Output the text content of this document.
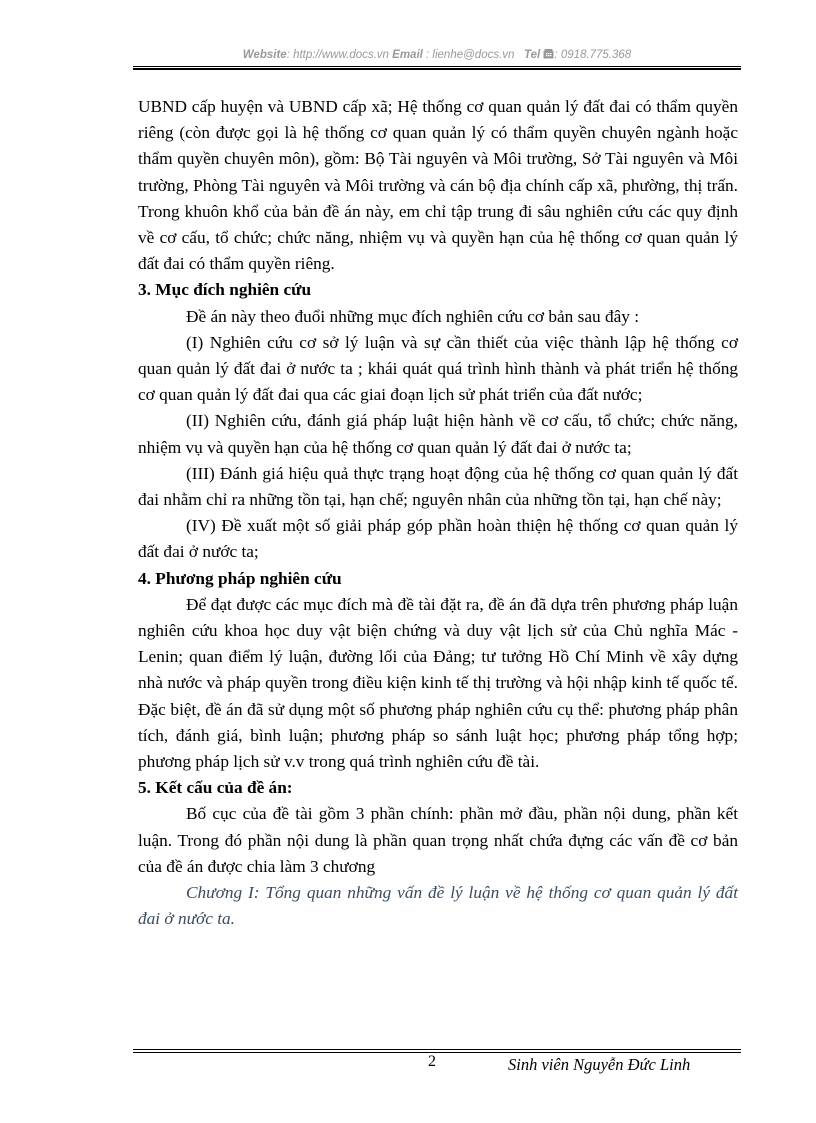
Website: http://www.docs.vn Email : lienhe@docs.vn Tel : 0918.775.368

UBND cấp huyện và UBND cấp xã; Hệ thống cơ quan quản lý đất đai có thẩm quyền riêng (còn được gọi là hệ thống cơ quan quản lý có thẩm quyền chuyên ngành hoặc thẩm quyền chuyên môn), gồm: Bộ Tài nguyên và Môi trường, Sở Tài nguyên và Môi trường, Phòng Tài nguyên và Môi trường và cán bộ địa chính cấp xã, phường, thị trấn. Trong khuôn khổ của bản đề án này, em chỉ tập trung đi sâu nghiên cứu các quy định về cơ cấu, tổ chức; chức năng, nhiệm vụ và quyền hạn của hệ thống cơ quan quản lý đất đai có thẩm quyền riêng.

3. Mục đích nghiên cứu

Đề án này theo đuổi những mục đích nghiên cứu cơ bản sau đây :

(I) Nghiên cứu cơ sở lý luận và sự cần thiết của việc thành lập hệ thống cơ quan quản lý đất đai ở nước ta ; khái quát quá trình hình thành và phát triển hệ thống cơ quan quản lý đất đai qua các giai đoạn lịch sử phát triển của đất nước;

(II) Nghiên cứu, đánh giá pháp luật hiện hành về cơ cấu, tổ chức; chức năng, nhiệm vụ và quyền hạn của hệ thống cơ quan quản lý đất đai ở nước ta;

(III) Đánh giá hiệu quả thực trạng hoạt động của hệ thống cơ quan quản lý đất đai nhằm chỉ ra những tồn tại, hạn chế; nguyên nhân của những tồn tại, hạn chế này;

(IV) Đề xuất một số giải pháp góp phần hoàn thiện hệ thống cơ quan quản lý đất đai ở nước ta;

4. Phương pháp nghiên cứu

Để đạt được các mục đích mà đề tài đặt ra, đề án đã dựa trên phương pháp luận nghiên cứu khoa học duy vật biện chứng và duy vật lịch sử của Chủ nghĩa Mác - Lenin; quan điểm lý luận, đường lối của Đảng; tư tưởng Hồ Chí Minh về xây dựng nhà nước và pháp quyền trong điều kiện kinh tế thị trường và hội nhập kinh tế quốc tế. Đặc biệt, đề án đã sử dụng một số phương pháp nghiên cứu cụ thể: phương pháp phân tích, đánh giá, bình luận; phương pháp so sánh luật học; phương pháp tổng hợp; phương pháp lịch sử v.v trong quá trình nghiên cứu đề tài.

5. Kết cấu của đề án:

Bố cục của đề tài gồm 3 phần chính: phần mở đầu, phần nội dung, phần kết luận. Trong đó phần nội dung là phần quan trọng nhất chứa đựng các vấn đề cơ bản của đề án được chia làm 3 chương

Chương I: Tổng quan những vấn đề lý luận về hệ thống cơ quan quản lý đất đai ở nước ta.

2	Sinh viên Nguyễn Đức Linh
